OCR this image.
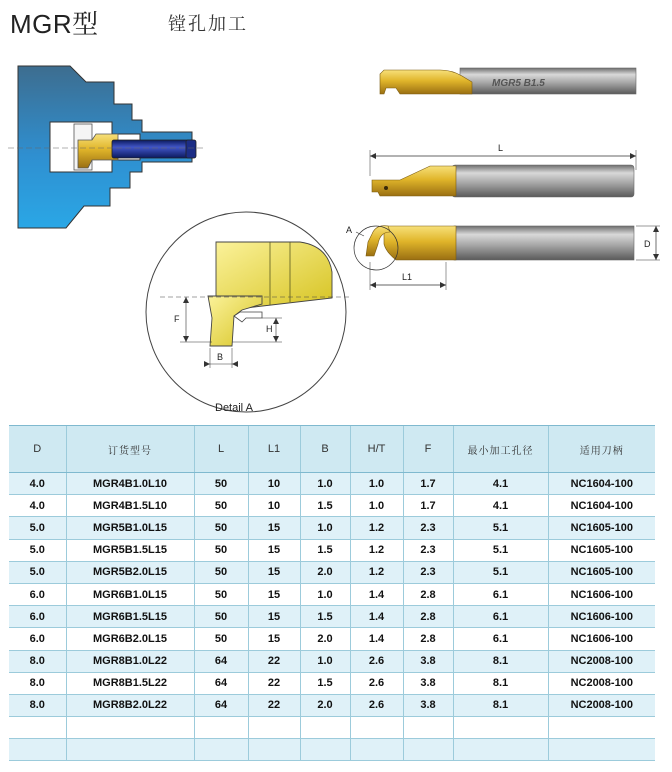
MGR型	镗孔加工
MGR5 B1.5
L
A
D
L1
F
H
B
Detail A
D	订货型号	L	L1	B	H/T	F	最小加工孔径	适用刀柄
4.0	MGR4B1.0L10	50	10	1.0	1.0	1.7	4.1	NC1604-100
4.0	MGR4B1.5L10	50	10	1.5	1.0	1.7	4.1	NC1604-100
5.0	MGR5B1.0L15	50	15	1.0	1.2	2.3	5.1	NC1605-100
5.0	MGR5B1.5L15	50	15	1.5	1.2	2.3	5.1	NC1605-100
5.0	MGR5B2.0L15	50	15	2.0	1.2	2.3	5.1	NC1605-100
6.0	MGR6B1.0L15	50	15	1.0	1.4	2.8	6.1	NC1606-100
6.0	MGR6B1.5L15	50	15	1.5	1.4	2.8	6.1	NC1606-100
6.0	MGR6B2.0L15	50	15	2.0	1.4	2.8	6.1	NC1606-100
8.0	MGR8B1.0L22	64	22	1.0	2.6	3.8	8.1	NC2008-100
8.0	MGR8B1.5L22	64	22	1.5	2.6	3.8	8.1	NC2008-100
8.0	MGR8B2.0L22	64	22	2.0	2.6	3.8	8.1	NC2008-100
